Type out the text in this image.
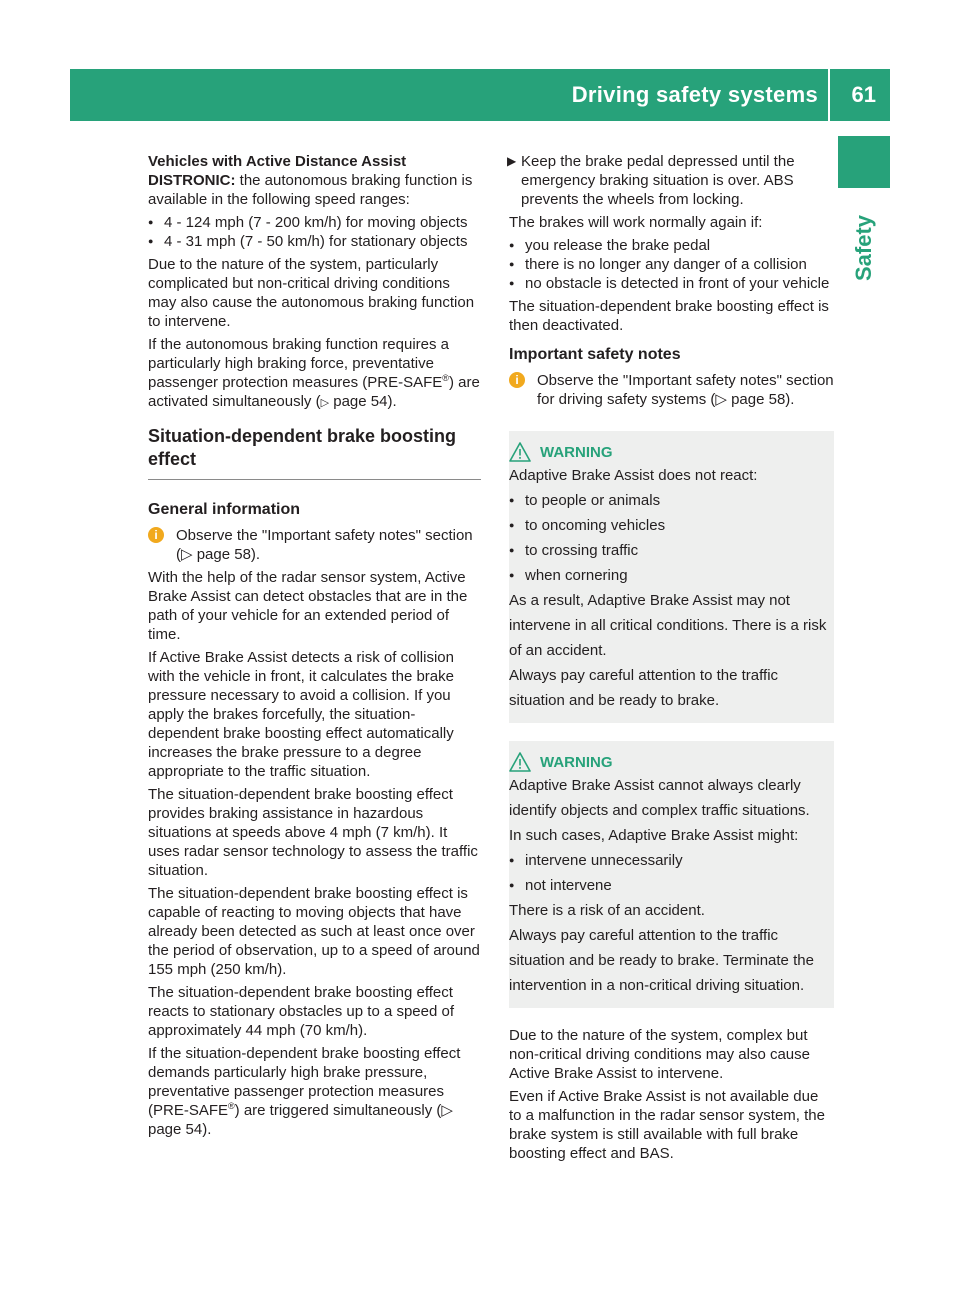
Driving safety systems 61
Safety

Vehicles with Active Distance Assist DISTRONIC: the autonomous braking function is available in the following speed ranges:

● 4 - 124 mph (7 - 200 km/h) for moving objects
● 4 - 31 mph (7 - 50 km/h) for stationary objects

Due to the nature of the system, particularly complicated but non-critical driving conditions may also cause the autonomous braking function to intervene.

If the autonomous braking function requires a particularly high braking force, preventative passenger protection measures (PRE-SAFE®) are activated simultaneously (▷ page 54).

Situation-dependent brake boosting effect
General information
i	Observe the "Important safety notes" section (▷ page 58).

With the help of the radar sensor system, Active Brake Assist can detect obstacles that are in the path of your vehicle for an extended period of time.

If Active Brake Assist detects a risk of collision with the vehicle in front, it calculates the brake pressure necessary to avoid a collision. If you apply the brakes forcefully, the situation-dependent brake boosting effect automatically increases the brake pressure to a degree appropriate to the traffic situation.

The situation-dependent brake boosting effect provides braking assistance in hazardous situations at speeds above 4 mph (7 km/h). It uses radar sensor technology to assess the traffic situation.

The situation-dependent brake boosting effect is capable of reacting to moving objects that have already been detected as such at least once over the period of observation, up to a speed of around 155 mph (250 km/h).

The situation-dependent brake boosting effect reacts to stationary obstacles up to a speed of approximately 44 mph (70 km/h).

If the situation-dependent brake boosting effect demands particularly high brake pressure, preventative passenger protection measures (PRE-SAFE®) are triggered simultaneously (▷ page 54).

▶ Keep the brake pedal depressed until the emergency braking situation is over. ABS prevents the wheels from locking.

The brakes will work normally again if:

● you release the brake pedal
● there is no longer any danger of a collision
● no obstacle is detected in front of your vehicle

The situation-dependent brake boosting effect is then deactivated.

Important safety notes
i	Observe the "Important safety notes" section for driving safety systems (▷ page 58).
WARNING

Adaptive Brake Assist does not react:

● to people or animals
● to oncoming vehicles
● to crossing traffic
● when cornering

As a result, Adaptive Brake Assist may not intervene in all critical conditions. There is a risk of an accident.

Always pay careful attention to the traffic situation and be ready to brake.

WARNING

Adaptive Brake Assist cannot always clearly identify objects and complex traffic situations.

In such cases, Adaptive Brake Assist might:

● intervene unnecessarily
● not intervene

There is a risk of an accident.

Always pay careful attention to the traffic situation and be ready to brake. Terminate the intervention in a non-critical driving situation.

Due to the nature of the system, complex but non-critical driving conditions may also cause Active Brake Assist to intervene.

Even if Active Brake Assist is not available due to a malfunction in the radar sensor system, the brake system is still available with full brake boosting effect and BAS.
